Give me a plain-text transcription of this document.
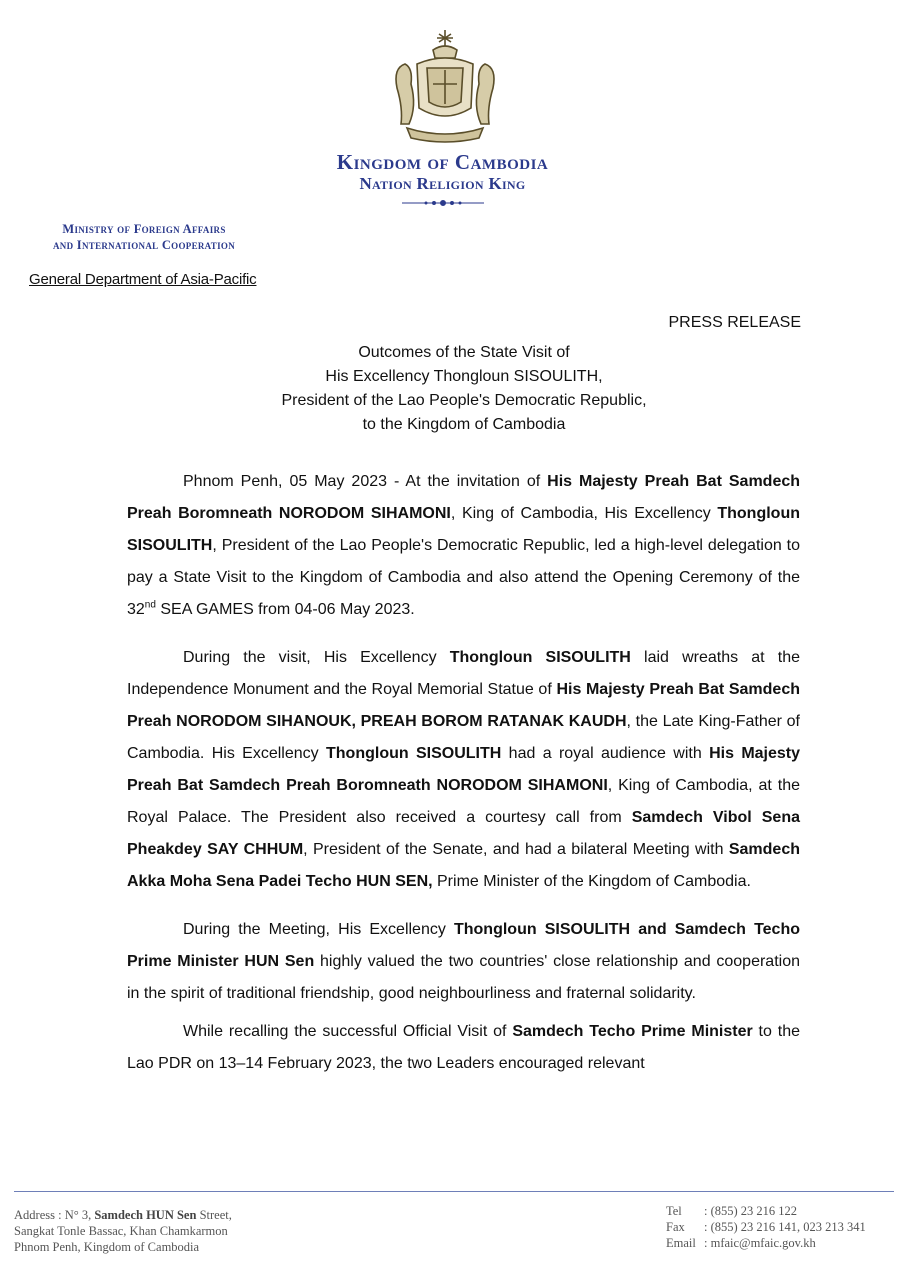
Kingdom of Cambodia
Nation Religion King
Ministry of Foreign Affairs
and International Cooperation
General Department of Asia-Pacific
PRESS RELEASE
Outcomes of the State Visit of
His Excellency Thongloun SISOULITH,
President of the Lao People's Democratic Republic,
to the Kingdom of Cambodia

Phnom Penh, 05 May 2023 - At the invitation of His Majesty Preah Bat Samdech Preah Boromneath NORODOM SIHAMONI, King of Cambodia, His Excellency Thongloun SISOULITH, President of the Lao People's Democratic Republic, led a high-level delegation to pay a State Visit to the Kingdom of Cambodia and also attend the Opening Ceremony of the 32nd SEA GAMES from 04-06 May 2023.

During the visit, His Excellency Thongloun SISOULITH laid wreaths at the Independence Monument and the Royal Memorial Statue of His Majesty Preah Bat Samdech Preah NORODOM SIHANOUK, PREAH BOROM RATANAK KAUDH, the Late King-Father of Cambodia. His Excellency Thongloun SISOULITH had a royal audience with His Majesty Preah Bat Samdech Preah Boromneath NORODOM SIHAMONI, King of Cambodia, at the Royal Palace. The President also received a courtesy call from Samdech Vibol Sena Pheakdey SAY CHHUM, President of the Senate, and had a bilateral Meeting with Samdech Akka Moha Sena Padei Techo HUN SEN, Prime Minister of the Kingdom of Cambodia.

During the Meeting, His Excellency Thongloun SISOULITH and Samdech Techo Prime Minister HUN Sen highly valued the two countries' close relationship and cooperation in the spirit of traditional friendship, good neighbourliness and fraternal solidarity.

While recalling the successful Official Visit of Samdech Techo Prime Minister to the Lao PDR on 13–14 February 2023, the two Leaders encouraged relevant

Address : N° 3, Samdech HUN Sen Street,
Sangkat Tonle Bassac, Khan Chamkarmon
Phnom Penh, Kingdom of Cambodia
Tel	: (855) 23 216 122
Fax	: (855) 23 216 141, 023 213 341
Email : mfaic@mfaic.gov.kh
